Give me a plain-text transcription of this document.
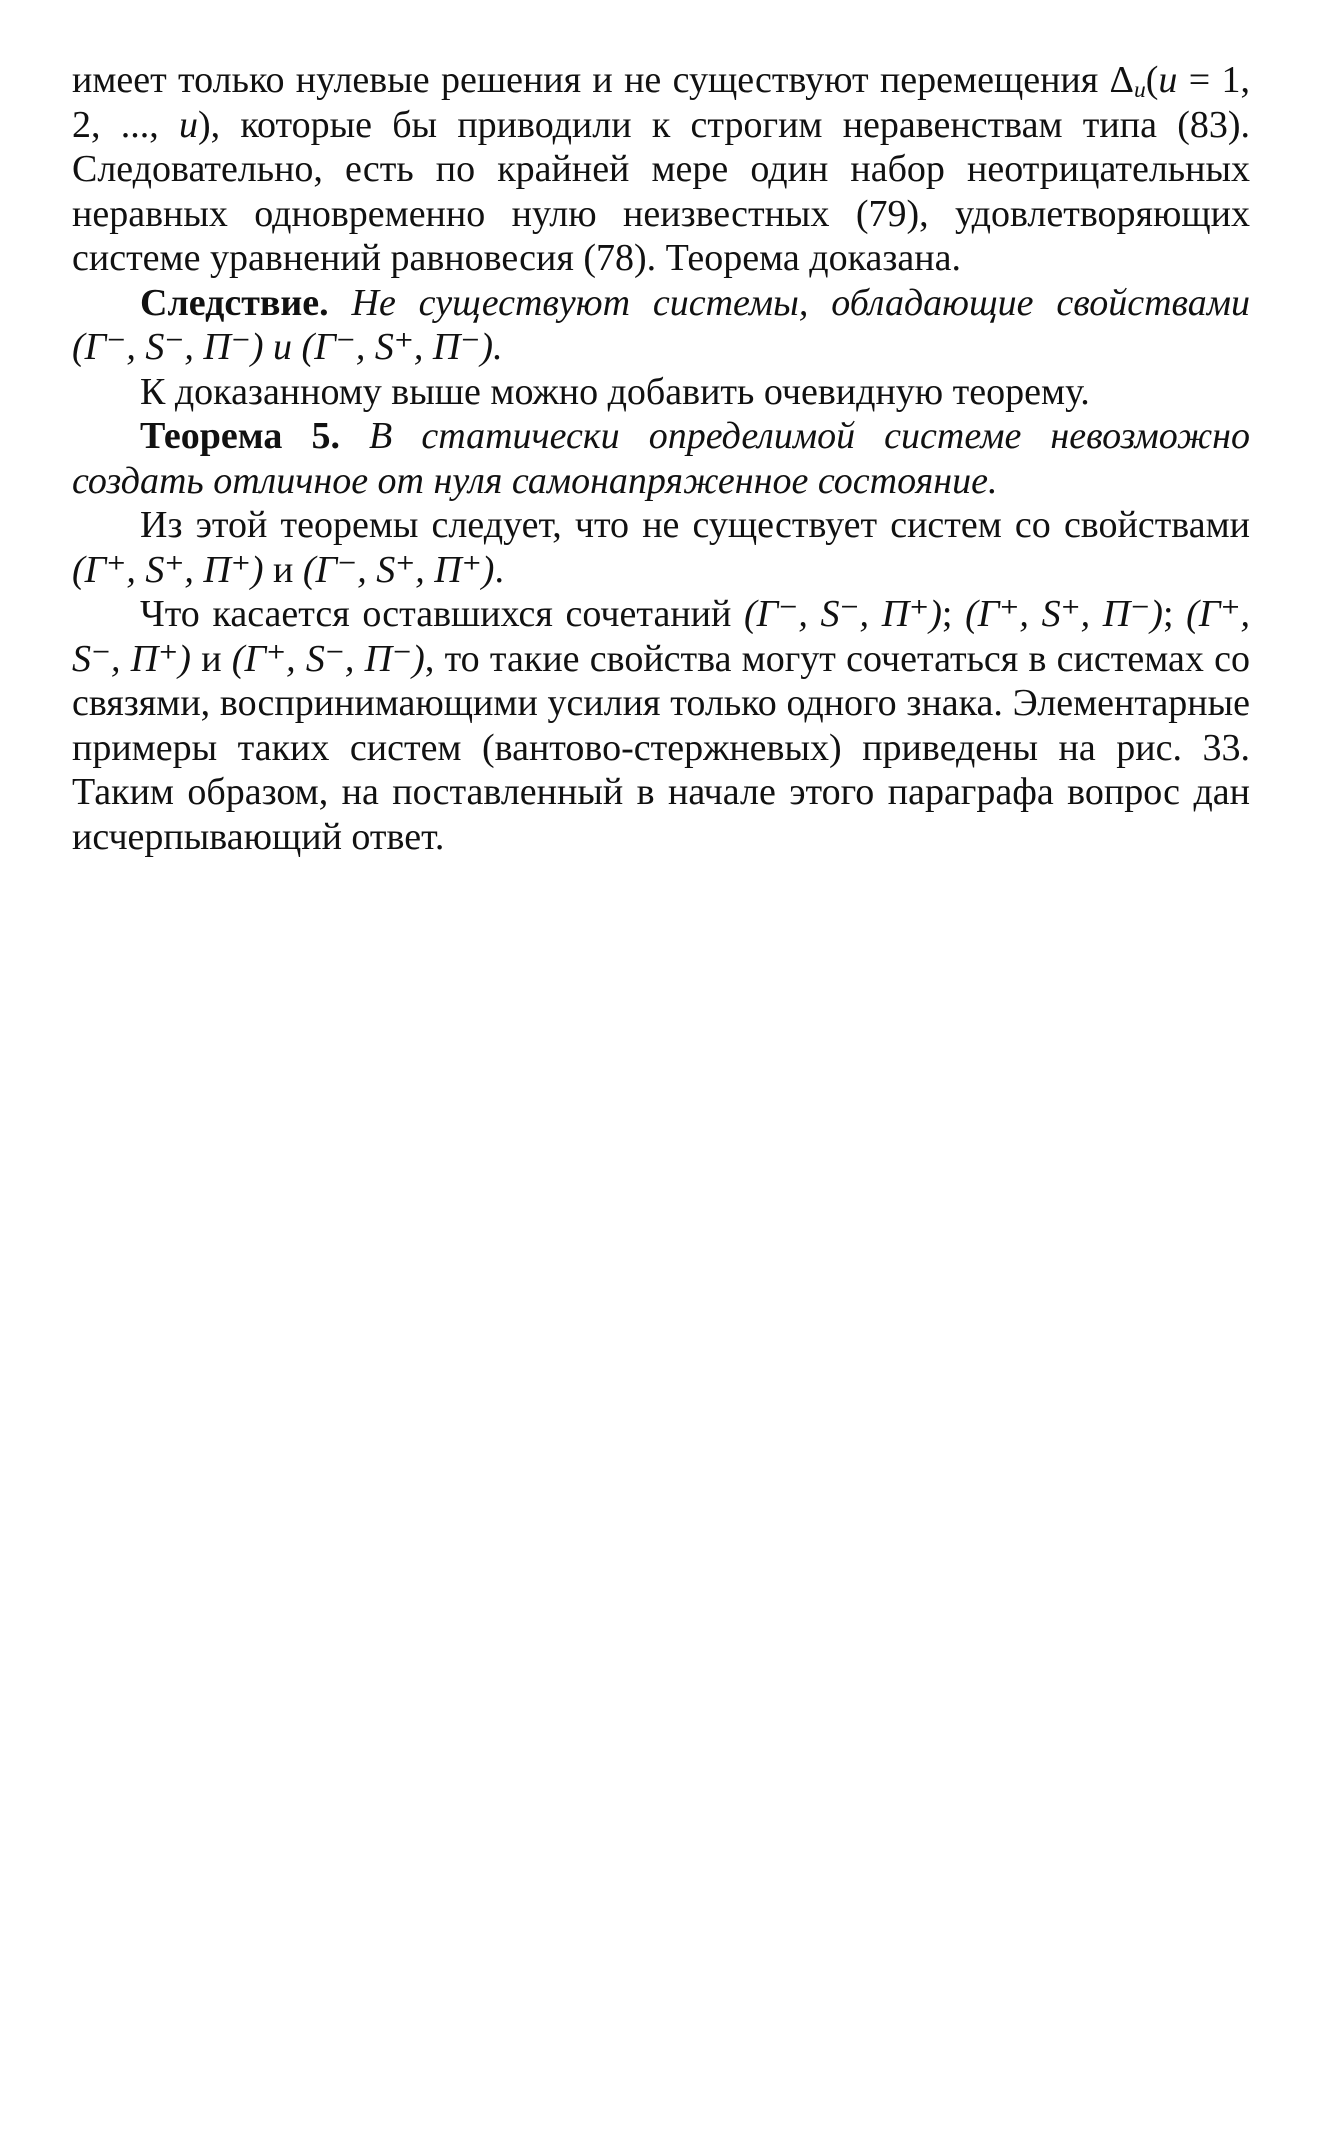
имеет только нулевые решения и не существуют перемещения $\Delta_u(u = 1$, 2, ..., u), которые бы приводили к строгим неравенствам типа (83). Следовательно, есть по крайней мере один набор неотрицательных неравных одновременно нулю неизвестных (79), удовлетворяющих системе уравнений равновесия (78). Теорема доказана.

Следствие. Не существуют системы, обладающие свойствами (Г⁻, S⁻, П⁻) и (Г⁻, S⁺, П⁻).

К доказанному выше можно добавить очевидную теорему.

Теорема 5. В статически определимой системе невозможно создать отличное от нуля самонапряженное состояние.

Из этой теоремы следует, что не существует систем со свойствами (Г⁺, S⁺, П⁺) и (Г⁻, S⁺, П⁺).

Что касается оставшихся сочетаний (Г⁻, S⁻, П⁺); (Г⁺, S⁺, П⁻); (Г⁺, S⁻, П⁺) и (Г⁺, S⁻, П⁻), то такие свойства могут сочетаться в системах со связями, воспринимающими усилия только одного знака. Элементарные примеры таких систем (вантово-стержневых) приведены на рис. 33. Таким образом, на поставленный в начале этого параграфа вопрос дан исчерпывающий ответ.
